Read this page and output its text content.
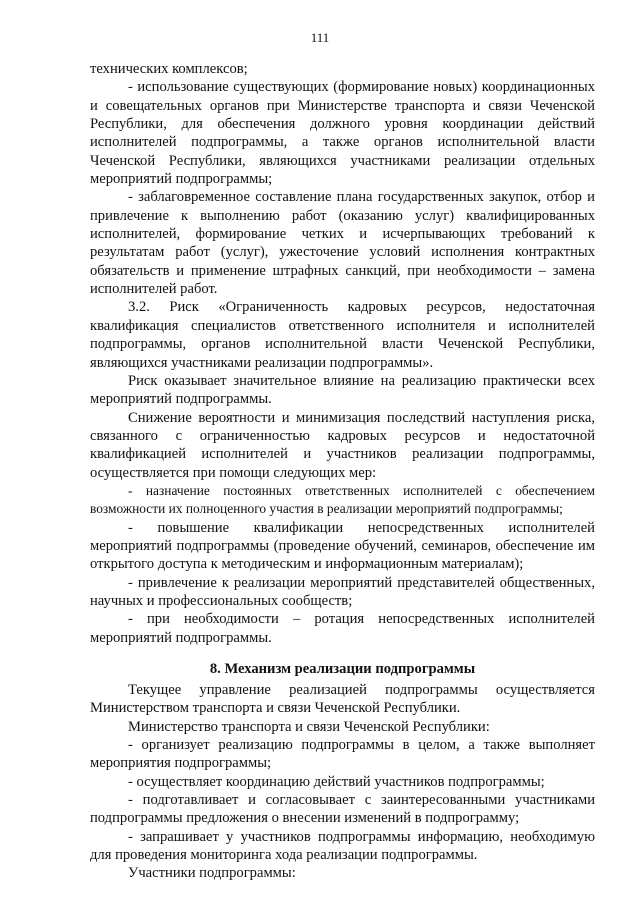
111

технических комплексов;

- использование существующих (формирование новых) координационных и совещательных органов при Министерстве транспорта и связи Чеченской Республики, для обеспечения должного уровня координации действий исполнителей подпрограммы, а также органов исполнительной власти Чеченской Республики, являющихся участниками реализации отдельных мероприятий подпрограммы;

- заблаговременное составление плана государственных закупок, отбор и привлечение к выполнению работ (оказанию услуг) квалифицированных исполнителей, формирование четких и исчерпывающих требований к результатам работ (услуг), ужесточение условий исполнения контрактных обязательств и применение штрафных санкций, при необходимости – замена исполнителей работ.

3.2. Риск «Ограниченность кадровых ресурсов, недостаточная квалификация специалистов ответственного исполнителя и исполнителей подпрограммы, органов исполнительной власти Чеченской Республики, являющихся участниками реализации подпрограммы».

Риск оказывает значительное влияние на реализацию практически всех мероприятий подпрограммы.

Снижение вероятности и минимизация последствий наступления риска, связанного с ограниченностью кадровых ресурсов и недостаточной квалификацией исполнителей и участников реализации подпрограммы, осуществляется при помощи следующих мер:

- назначение постоянных ответственных исполнителей с обеспечением возможности их полноценного участия в реализации мероприятий подпрограммы;

- повышение квалификации непосредственных исполнителей мероприятий подпрограммы (проведение обучений, семинаров, обеспечение им открытого доступа к методическим и информационным материалам);

- привлечение к реализации мероприятий представителей общественных, научных и профессиональных сообществ;

- при необходимости – ротация непосредственных исполнителей мероприятий подпрограммы.

8. Механизм реализации подпрограммы

Текущее управление реализацией подпрограммы осуществляется Министерством транспорта и связи Чеченской Республики.

Министерство транспорта и связи Чеченской Республики:

- организует реализацию подпрограммы в целом, а также выполняет мероприятия подпрограммы;

- осуществляет координацию действий участников подпрограммы;

- подготавливает и согласовывает с заинтересованными участниками подпрограммы предложения о внесении изменений в подпрограмму;

- запрашивает у участников подпрограммы информацию, необходимую для проведения мониторинга хода реализации подпрограммы.

Участники подпрограммы:
